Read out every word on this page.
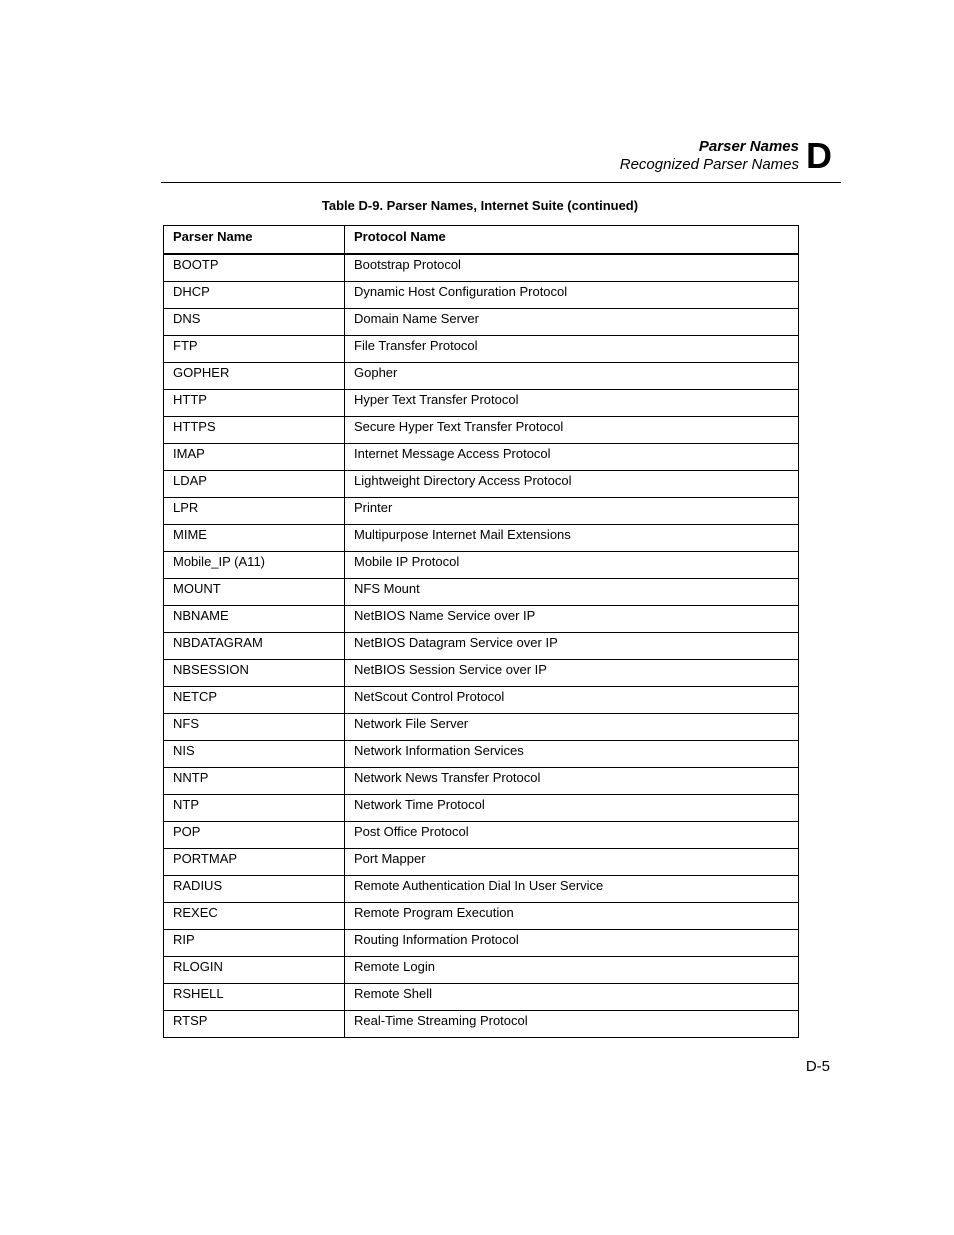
Parser Names
Recognized Parser Names D
Table D-9. Parser Names, Internet Suite (continued)
Parser Name	Protocol Name
BOOTP	Bootstrap Protocol
DHCP	Dynamic Host Configuration Protocol
DNS	Domain Name Server
FTP	File Transfer Protocol
GOPHER	Gopher
HTTP	Hyper Text Transfer Protocol
HTTPS	Secure Hyper Text Transfer Protocol
IMAP	Internet Message Access Protocol
LDAP	Lightweight Directory Access Protocol
LPR	Printer
MIME	Multipurpose Internet Mail Extensions
Mobile_IP (A11)	Mobile IP Protocol
MOUNT	NFS Mount
NBNAME	NetBIOS Name Service over IP
NBDATAGRAM	NetBIOS Datagram Service over IP
NBSESSION	NetBIOS Session Service over IP
NETCP	NetScout Control Protocol
NFS	Network File Server
NIS	Network Information Services
NNTP	Network News Transfer Protocol
NTP	Network Time Protocol
POP	Post Office Protocol
PORTMAP	Port Mapper
RADIUS	Remote Authentication Dial In User Service
REXEC	Remote Program Execution
RIP	Routing Information Protocol
RLOGIN	Remote Login
RSHELL	Remote Shell
RTSP	Real-Time Streaming Protocol
D-5
